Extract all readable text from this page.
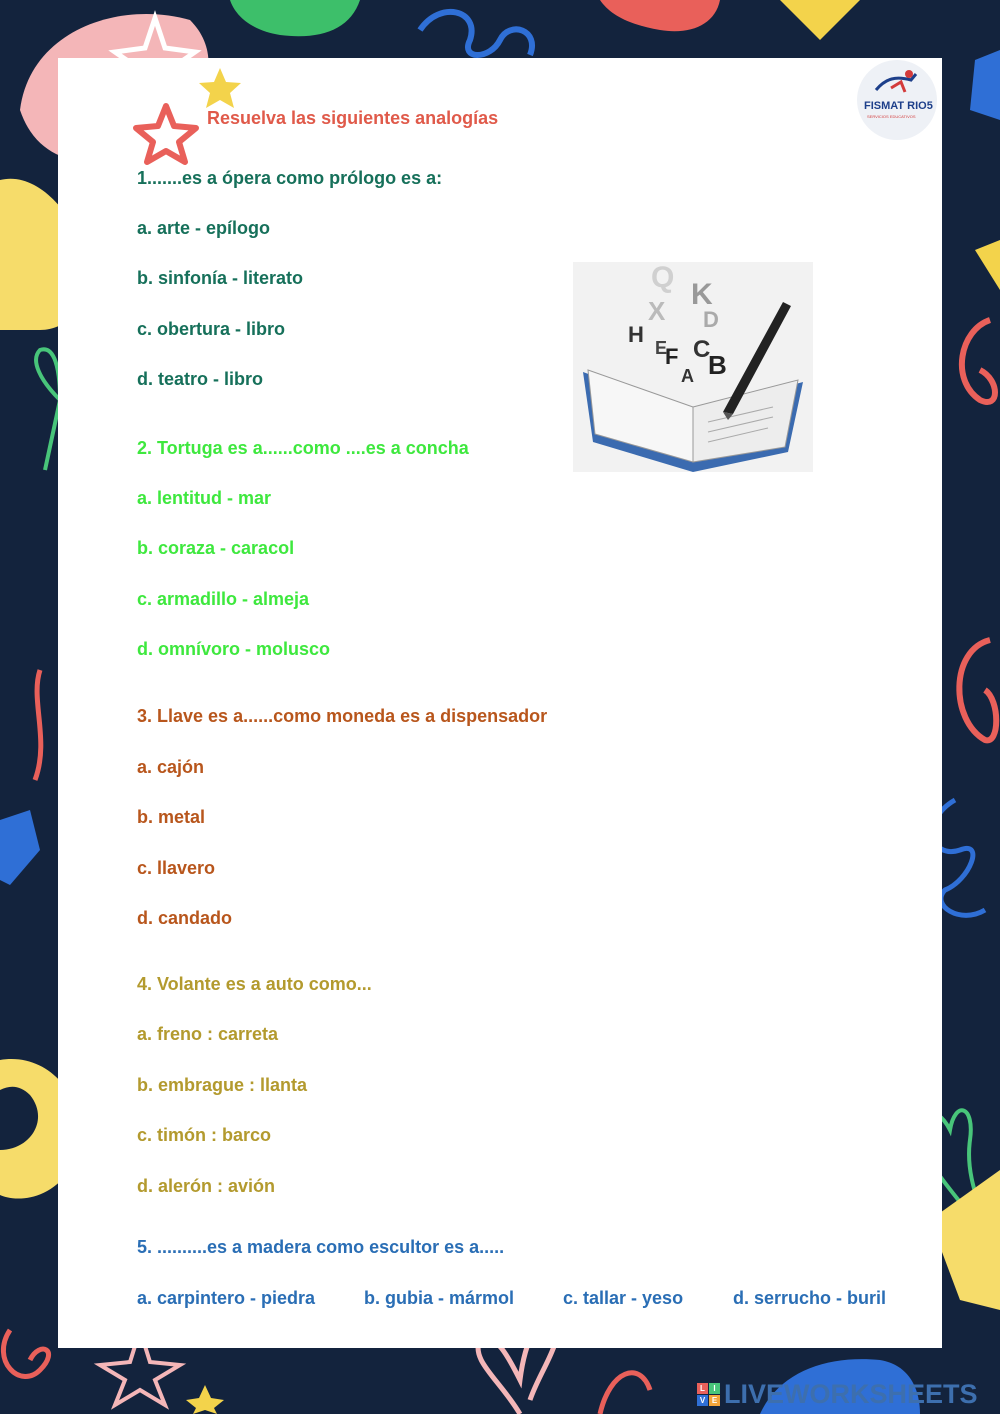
Resuelva las siguientes analogías
FISMAT RIO5
SERVICIOS EDUCATIVOS
Q
X K
D
C
F B
A
E
H
1.......es a ópera como prólogo es a:
a. arte - epílogo
b. sinfonía - literato
c. obertura - libro
d. teatro - libro
2. Tortuga es a......como ....es a concha
a. lentitud - mar
b. coraza - caracol
c. armadillo - almeja
d. omnívoro - molusco
3. Llave es a......como moneda es a dispensador
a. cajón
b. metal
c. llavero
d. candado
4. Volante es a auto como...
a. freno : carreta
b. embrague : llanta
c. timón : barco
d. alerón : avión
5. ..........es a madera como escultor es a.....
a. carpintero - piedra	b. gubia - mármol	c. tallar - yeso	d. serrucho - buril
L	I
V E LIVEWORKSHEETS
